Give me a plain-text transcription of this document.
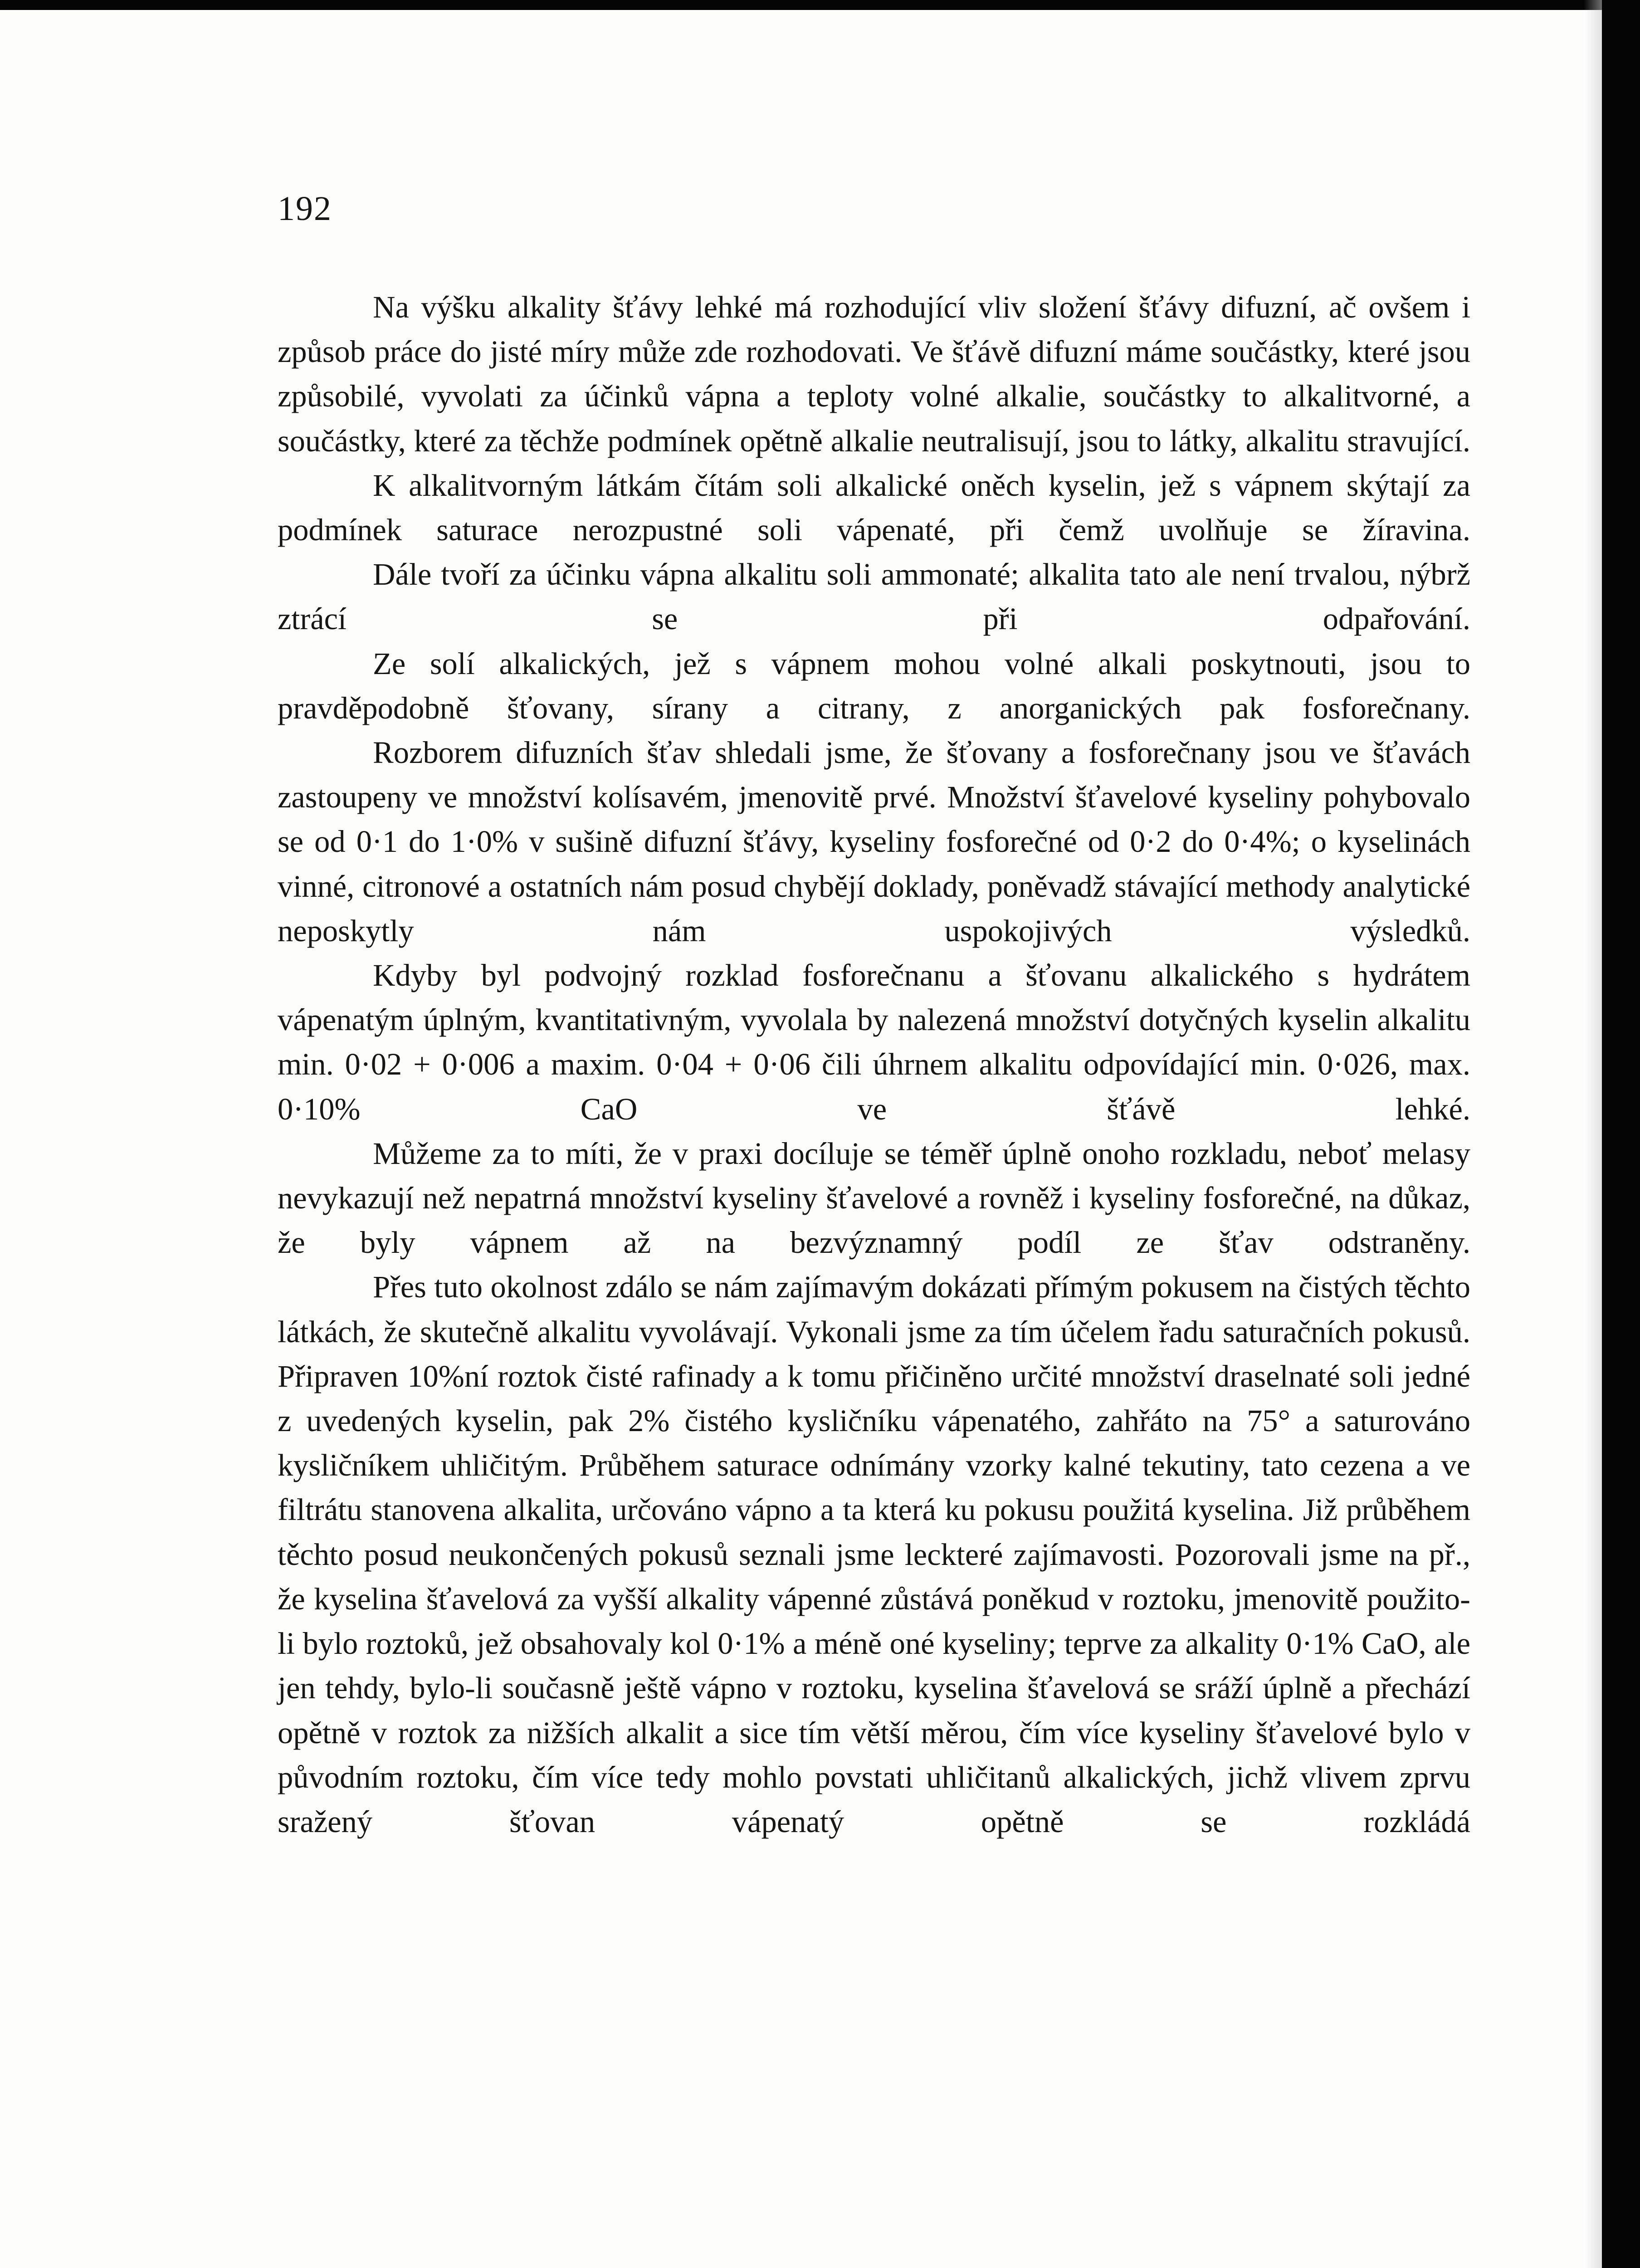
192

Na výšku alkality šťávy lehké má rozhodující vliv složení šťávy difuzní, ač ovšem i způsob práce do jisté míry může zde rozhodovati. Ve šťávě difuzní máme součástky, které jsou způsobilé, vyvolati za účinků vápna a teploty volné alkalie, součástky to alkalitvorné, a součástky, které za těchže podmínek opětně alkalie neutralisují, jsou to látky, alkalitu stravující.

K alkalitvorným látkám čítám soli alkalické oněch kyselin, jež s vápnem skýtají za podmínek saturace nerozpustné soli vápenaté, při čemž uvolňuje se žíravina.

Dále tvoří za účinku vápna alkalitu soli ammonaté; alkalita tato ale není trvalou, nýbrž ztrácí se při odpařování.

Ze solí alkalických, jež s vápnem mohou volné alkali poskytnouti, jsou to pravděpodobně šťovany, sírany a citrany, z anorganických pak fosforečnany.

Rozborem difuzních šťav shledali jsme, že šťovany a fosforečnany jsou ve šťavách zastoupeny ve množství kolísavém, jmenovitě prvé. Množství šťavelové kyseliny pohybovalo se od 0·1 do 1·0% v sušině difuzní šťávy, kyseliny fosforečné od 0·2 do 0·4%; o kyselinách vinné, citronové a ostatních nám posud chybějí doklady, poněvadž stávající methody analytické neposkytly nám uspokojivých výsledků.

Kdyby byl podvojný rozklad fosforečnanu a šťovanu alkalického s hydrátem vápenatým úplným, kvantitativným, vyvolala by nalezená množství dotyčných kyselin alkalitu min. 0·02 + 0·006 a maxim. 0·04 + 0·06 čili úhrnem alkalitu odpovídající min. 0·026, max. 0·10% CaO ve šťávě lehké.

Můžeme za to míti, že v praxi docíluje se téměř úplně onoho rozkladu, neboť melasy nevykazují než nepatrná množství kyseliny šťavelové a rovněž i kyseliny fosforečné, na důkaz, že byly vápnem až na bezvýznamný podíl ze šťav odstraněny.

Přes tuto okolnost zdálo se nám zajímavým dokázati přímým pokusem na čistých těchto látkách, že skutečně alkalitu vyvolávají. Vykonali jsme za tím účelem řadu saturačních pokusů. Připraven 10%ní roztok čisté rafinady a k tomu přičiněno určité množství draselnaté soli jedné z uvedených kyselin, pak 2% čistého kysličníku vápenatého, zahřáto na 75° a saturováno kysličníkem uhličitým. Průběhem saturace odnímány vzorky kalné tekutiny, tato cezena a ve filtrátu stanovena alkalita, určováno vápno a ta která ku pokusu použitá kyselina. Již průběhem těchto posud neukončených pokusů seznali jsme leckteré zajímavosti. Pozorovali jsme na př., že kyselina šťavelová za vyšší alkality vápenné zůstává poněkud v roztoku, jmenovitě použito-li bylo roztoků, jež obsahovaly kol 0·1% a méně oné kyseliny; teprve za alkality 0·1% CaO, ale jen tehdy, bylo-li současně ještě vápno v roztoku, kyselina šťavelová se sráží úplně a přechází opětně v roztok za nižších alkalit a sice tím větší měrou, čím více kyseliny šťavelové bylo v původním roztoku, čím více tedy mohlo povstati uhličitanů alkalických, jichž vlivem zprvu sražený šťovan vápenatý opětně se rozkládá
